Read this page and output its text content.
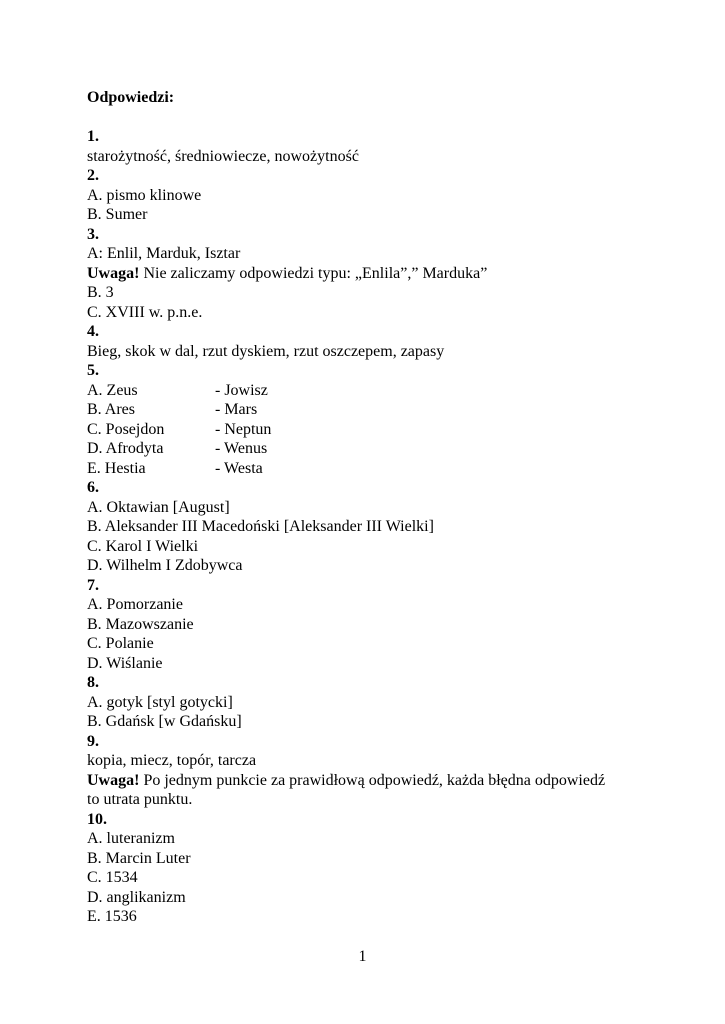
Odpowiedzi:

1.

starożytność, średniowiecze, nowożytność

2.

A. pismo klinowe

B. Sumer

3.

A: Enlil, Marduk, Isztar

Uwaga! Nie zaliczamy odpowiedzi typu: „Enlila”,” Marduka”

B. 3

C. XVIII w. p.n.e.

4.

Bieg, skok w dal, rzut dyskiem, rzut oszczepem, zapasy

5.

A. Zeus	- Jowisz
B. Ares	- Mars
C. Posejdon	- Neptun
D. Afrodyta	- Wenus
E. Hestia	- Westa

6.

A. Oktawian [August]

B. Aleksander III Macedoński [Aleksander III Wielki]

C. Karol I Wielki

D. Wilhelm I Zdobywca

7.

A. Pomorzanie

B. Mazowszanie

C. Polanie

D. Wiślanie

8.

A. gotyk [styl gotycki]

B. Gdańsk [w Gdańsku]

9.

kopia, miecz, topór, tarcza

Uwaga! Po jednym punkcie za prawidłową odpowiedź, każda błędna odpowiedź

to utrata punktu.

10.

A. luteranizm

B. Marcin Luter

C. 1534

D. anglikanizm

E. 1536

1
